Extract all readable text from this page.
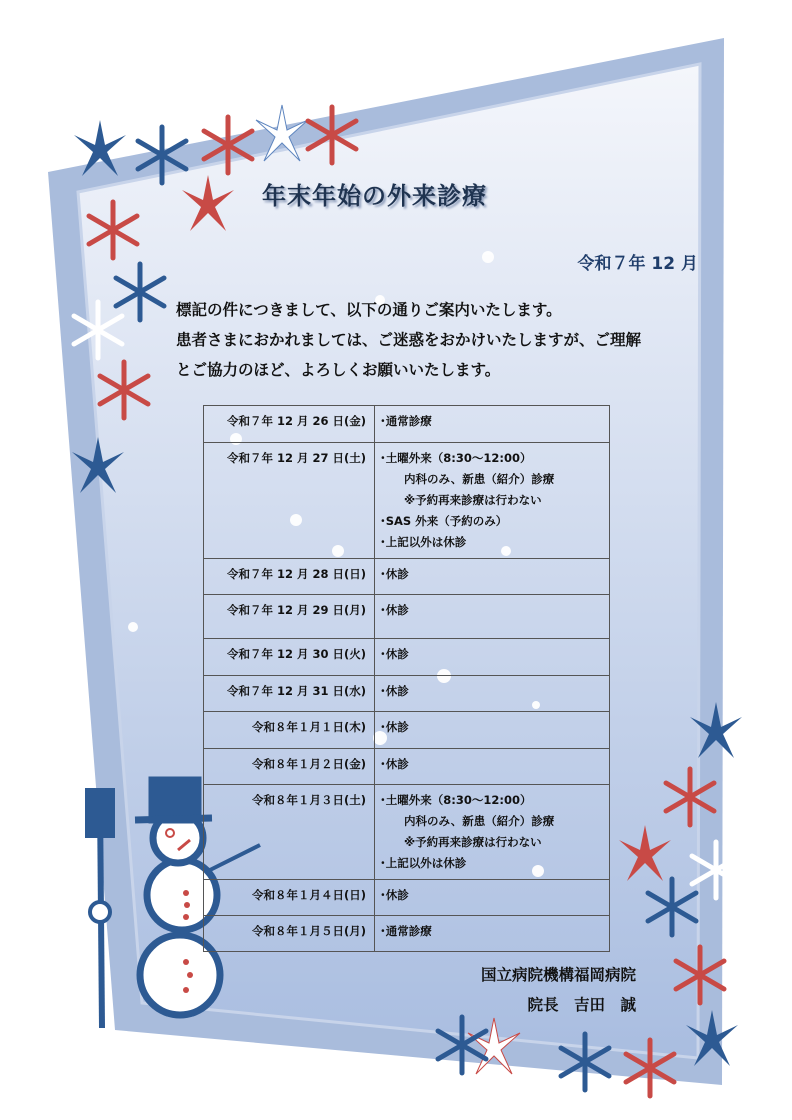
年末年始の外来診療
令和７年 12 月
標記の件につきまして、以下の通りご案内いたします。
患者さまにおかれましては、ご迷惑をおかけいたしますが、ご理解
とご協力のほど、よろしくお願いいたします。
令和７年 12 月 26 日(金)	･通常診療

令和７年 12 月 27 日(土)	･土曜外来（8:30～12:00）
内科のみ、新患（紹介）診療
※予約再来診療は行わない
･SAS 外来（予約のみ）
･上記以外は休診

令和７年 12 月 28 日(日)	･休診

令和７年 12 月 29 日(月)	･休診

令和７年 12 月 30 日(火)	･休診

令和７年 12 月 31 日(水)	･休診

令和８年１月１日(木)	･休診

令和８年１月２日(金)	･休診

令和８年１月３日(土)	･土曜外来（8:30～12:00）
内科のみ、新患（紹介）診療
※予約再来診療は行わない
･上記以外は休診

令和８年１月４日(日)	･休診

令和８年１月５日(月)	･通常診療
国立病院機構福岡病院
院長　吉田　誠
